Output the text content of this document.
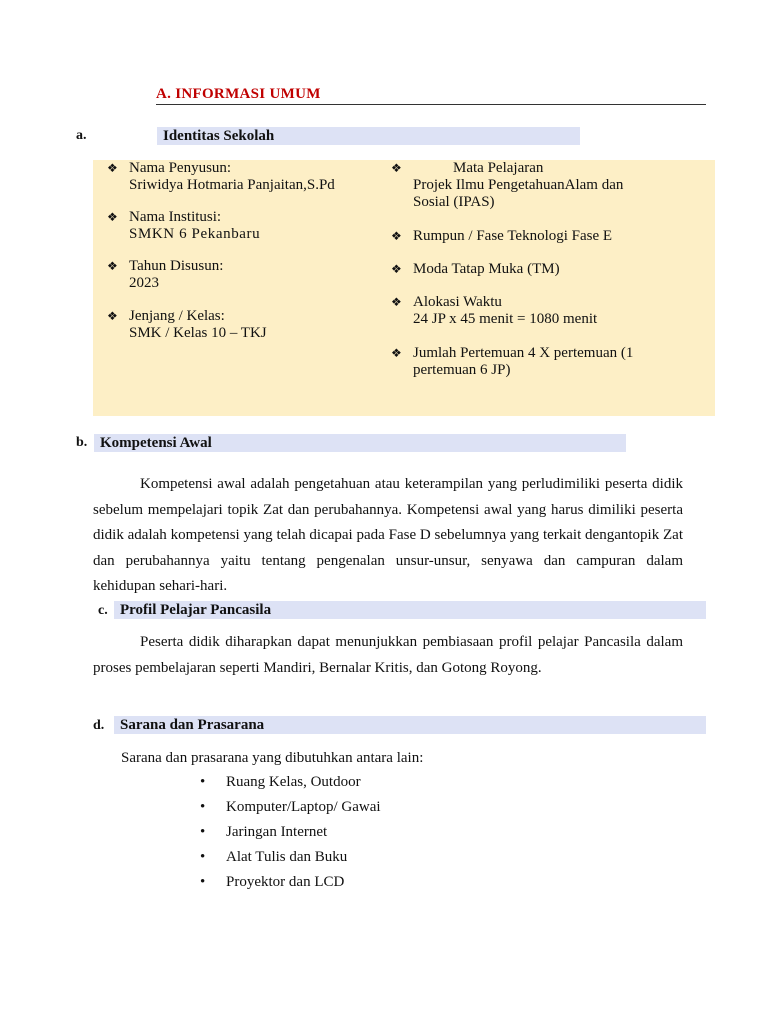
A. INFORMASI UMUM
a.	Identitas Sekolah
❖ Nama Penyusun:
Sriwidya Hotmaria Panjaitan,S.Pd
❖ Nama Institusi:
SMKN 6 Pekanbaru
❖ Tahun Disusun:
2023
❖ Jenjang / Kelas:
SMK / Kelas 10 – TKJ
❖	Mata Pelajaran
Projek Ilmu PengetahuanAlam dan
Sosial (IPAS)
❖ Rumpun / Fase Teknologi Fase E
❖ Moda Tatap Muka (TM)
❖ Alokasi Waktu
24 JP x 45 menit = 1080 menit
❖ Jumlah Pertemuan 4 X pertemuan (1
pertemuan 6 JP)
b. Kompetensi Awal

Kompetensi awal adalah pengetahuan atau keterampilan yang perludimiliki peserta didik sebelum mempelajari topik Zat dan perubahannya. Kompetensi awal yang harus dimiliki peserta didik adalah kompetensi yang telah dicapai pada Fase D sebelumnya yang terkait dengantopik Zat dan perubahannya yaitu tentang pengenalan unsur-unsur, senyawa dan campuran dalam kehidupan sehari-hari.

c. Profil Pelajar Pancasila

Peserta didik diharapkan dapat menunjukkan pembiasaan profil pelajar Pancasila dalam proses pembelajaran seperti Mandiri, Bernalar Kritis, dan Gotong Royong.

d.	Sarana dan Prasarana
Sarana dan prasarana yang dibutuhkan antara lain:
•	Ruang Kelas, Outdoor
•	Komputer/Laptop/ Gawai
•	Jaringan Internet
•	Alat Tulis dan Buku
•	Proyektor dan LCD
